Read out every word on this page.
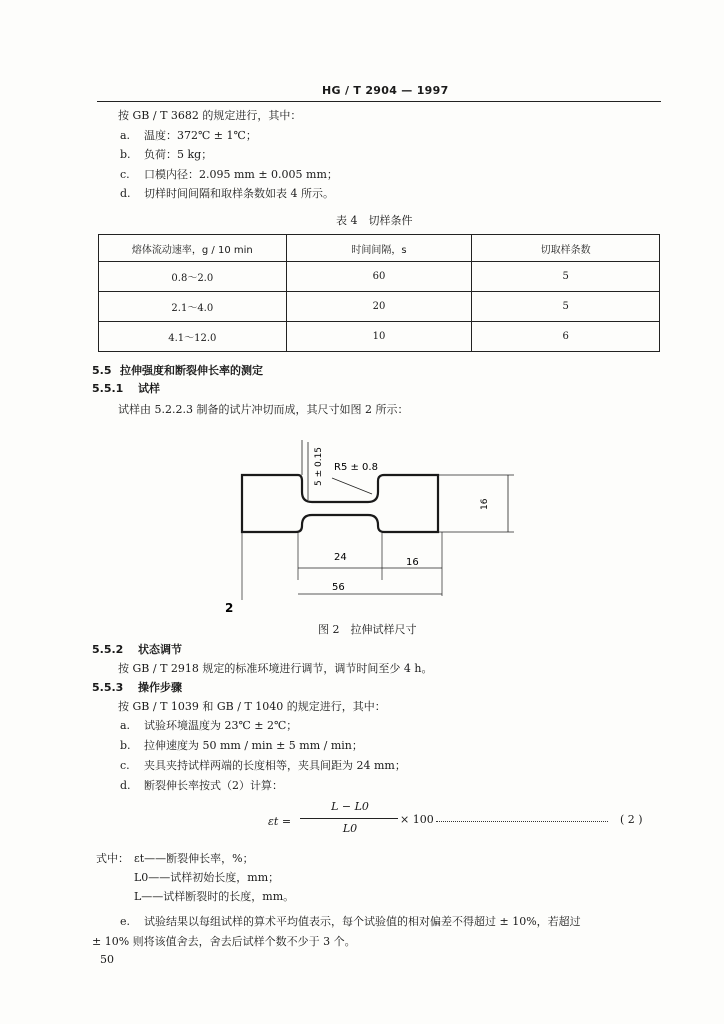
HG / T 2904 — 1997
按 GB / T 3682 的规定进行，其中：
a. 温度：372℃ ± 1℃；
b. 负荷：5 kg；
c. 口模内径：2.095 mm ± 0.005 mm；
d. 切样时间间隔和取样条数如表 4 所示。
表 4　切样条件
熔体流动速率，g / 10 min	时间间隔，s	切取样条数
0.8～2.0	60	5
2.1～4.0	20	5
4.1～12.0	10	6
5.5 拉伸强度和断裂伸长率的测定
5.5.1 试样
试样由 5.2.2.3 制备的试片冲切而成，其尺寸如图 2 所示：
5 ± 0.15 R5 ± 0.8
16
24	16
56
2
图 2　拉伸试样尺寸
5.5.2 状态调节
按 GB / T 2918 规定的标准环境进行调节，调节时间至少 4 h。
5.5.3 操作步骤
按 GB / T 1039 和 GB / T 1040 的规定进行，其中：
a. 试验环境温度为 23℃ ± 2℃；
b. 拉伸速度为 50 mm / min ± 5 mm / min；
c. 夹具夹持试样两端的长度相等，夹具间距为 24 mm；
d. 断裂伸长率按式（2）计算：
εt =
L − L0
L0
× 100	( 2 )
式中： εt——断裂伸长率，%；
L0——试样初始长度，mm；
L——试样断裂时的长度，mm。
e. 试验结果以每组试样的算术平均值表示，每个试验值的相对偏差不得超过 ± 10%，若超过
± 10% 则将该值舍去，舍去后试样个数不少于 3 个。
50
